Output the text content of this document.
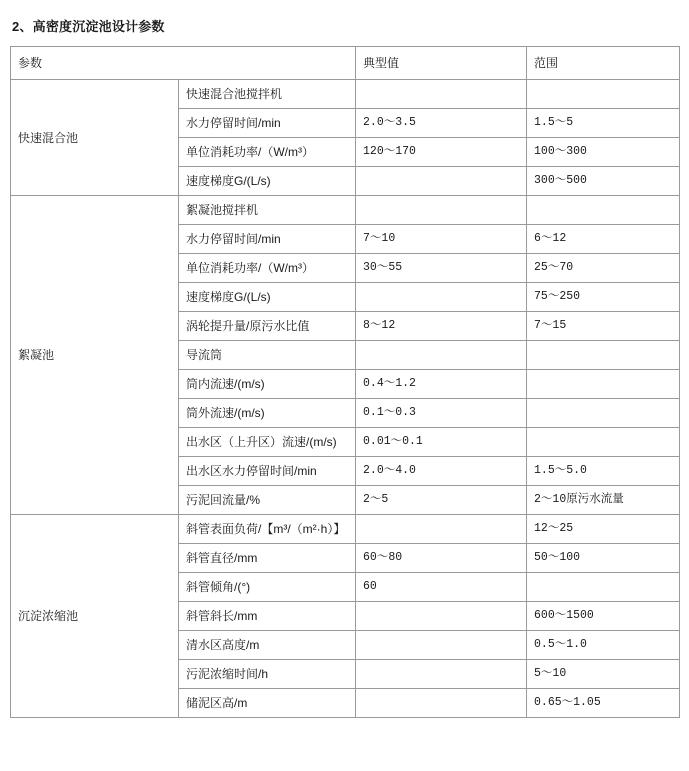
2、高密度沉淀池设计参数
参数		典型值	范围
快速混合池	快速混合池搅拌机		
	水力停留时间/min	2.0～3.5	1.5～5
	单位消耗功率/（W/m³）	120～170	100～300
	速度梯度G/(L/s)		300～500
絮凝池	絮凝池搅拌机		
	水力停留时间/min	7～10	6～12
	单位消耗功率/（W/m³）	30～55	25～70
	速度梯度G/(L/s)		75～250
	涡轮提升量/原污水比值	8～12	7～15
	导流筒		
	筒内流速/(m/s)	0.4～1.2	
	筒外流速/(m/s)	0.1～0.3	
	出水区（上升区）流速/(m/s)	0.01～0.1	
	出水区水力停留时间/min	2.0～4.0	1.5～5.0
	污泥回流量/%	2～5	2～10原污水流量
沉淀浓缩池	斜管表面负荷/【m³/（m²·h）】		12～25
	斜管直径/mm	60～80	50～100
	斜管倾角/(°)	60	
	斜管斜长/mm		600～1500
	清水区高度/m		0.5～1.0
	污泥浓缩时间/h		5～10
	储泥区高/m		0.65～1.05
